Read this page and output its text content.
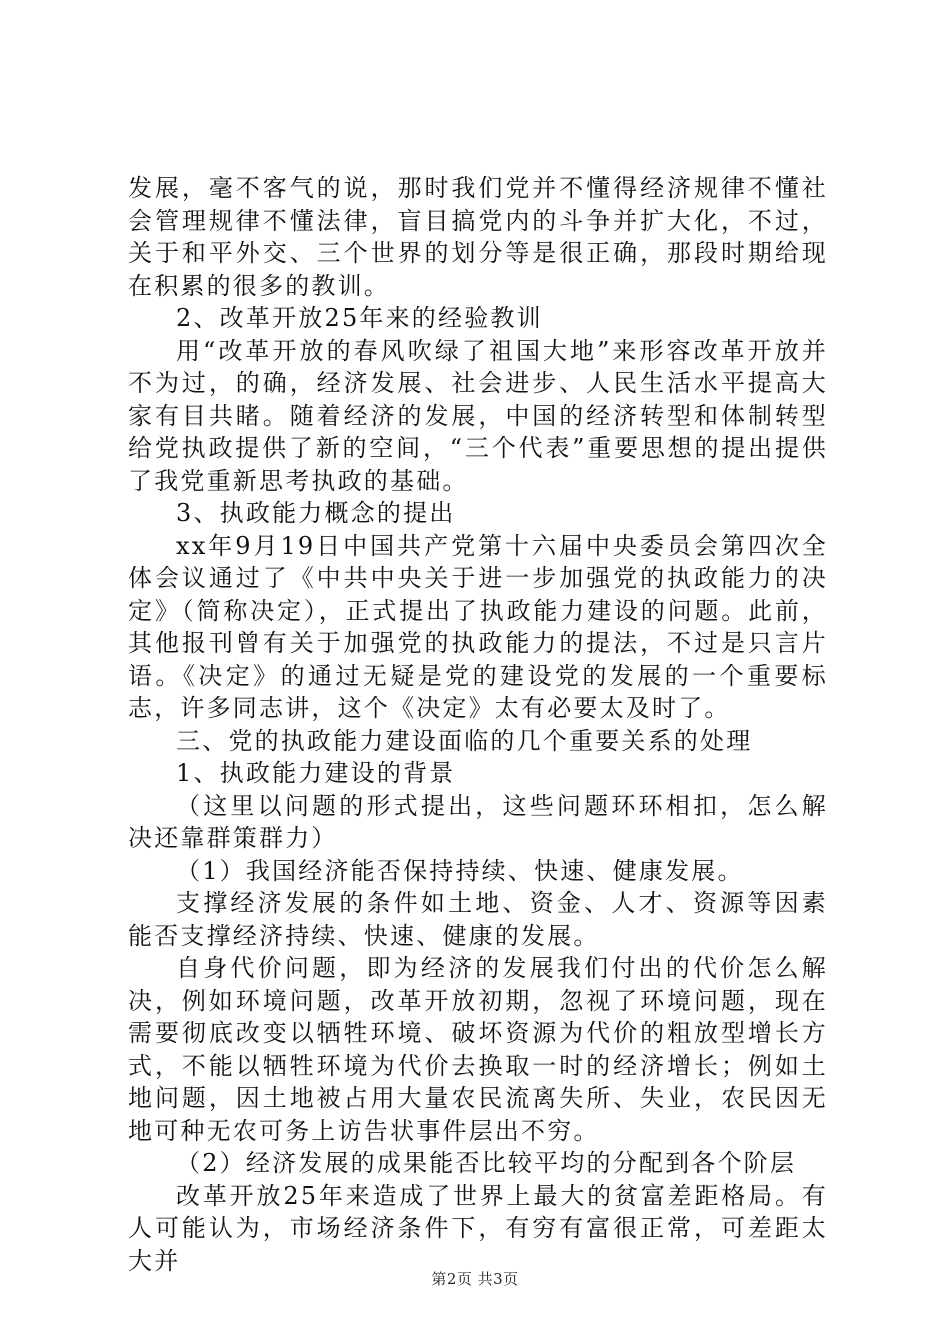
发展，毫不客气的说，那时我们党并不懂得经济规律不懂社会管理规律不懂法律，盲目搞党内的斗争并扩大化，不过，关于和平外交、三个世界的划分等是很正确，那段时期给现在积累的很多的教训。

2、改革开放25年来的经验教训

用“改革开放的春风吹绿了祖国大地”来形容改革开放并不为过，的确，经济发展、社会进步、人民生活水平提高大家有目共睹。随着经济的发展，中国的经济转型和体制转型给党执政提供了新的空间，“三个代表”重要思想的提出提供了我党重新思考执政的基础。

3、执政能力概念的提出

xx年9月19日中国共产党第十六届中央委员会第四次全体会议通过了《中共中央关于进一步加强党的执政能力的决定》（简称决定），正式提出了执政能力建设的问题。此前，其他报刊曾有关于加强党的执政能力的提法，不过是只言片语。《决定》的通过无疑是党的建设党的发展的一个重要标志，许多同志讲，这个《决定》太有必要太及时了。

三、党的执政能力建设面临的几个重要关系的处理

1、执政能力建设的背景

（这里以问题的形式提出，这些问题环环相扣，怎么解决还靠群策群力）

（1）我国经济能否保持持续、快速、健康发展。

支撑经济发展的条件如土地、资金、人才、资源等因素能否支撑经济持续、快速、健康的发展。

自身代价问题，即为经济的发展我们付出的代价怎么解决，例如环境问题，改革开放初期，忽视了环境问题，现在需要彻底改变以牺牲环境、破坏资源为代价的粗放型增长方式，不能以牺牲环境为代价去换取一时的经济增长；例如土地问题，因土地被占用大量农民流离失所、失业，农民因无地可种无农可务上访告状事件层出不穷。

（2）经济发展的成果能否比较平均的分配到各个阶层

改革开放25年来造成了世界上最大的贫富差距格局。有人可能认为，市场经济条件下，有穷有富很正常，可差距太大并

第2页 共3页
